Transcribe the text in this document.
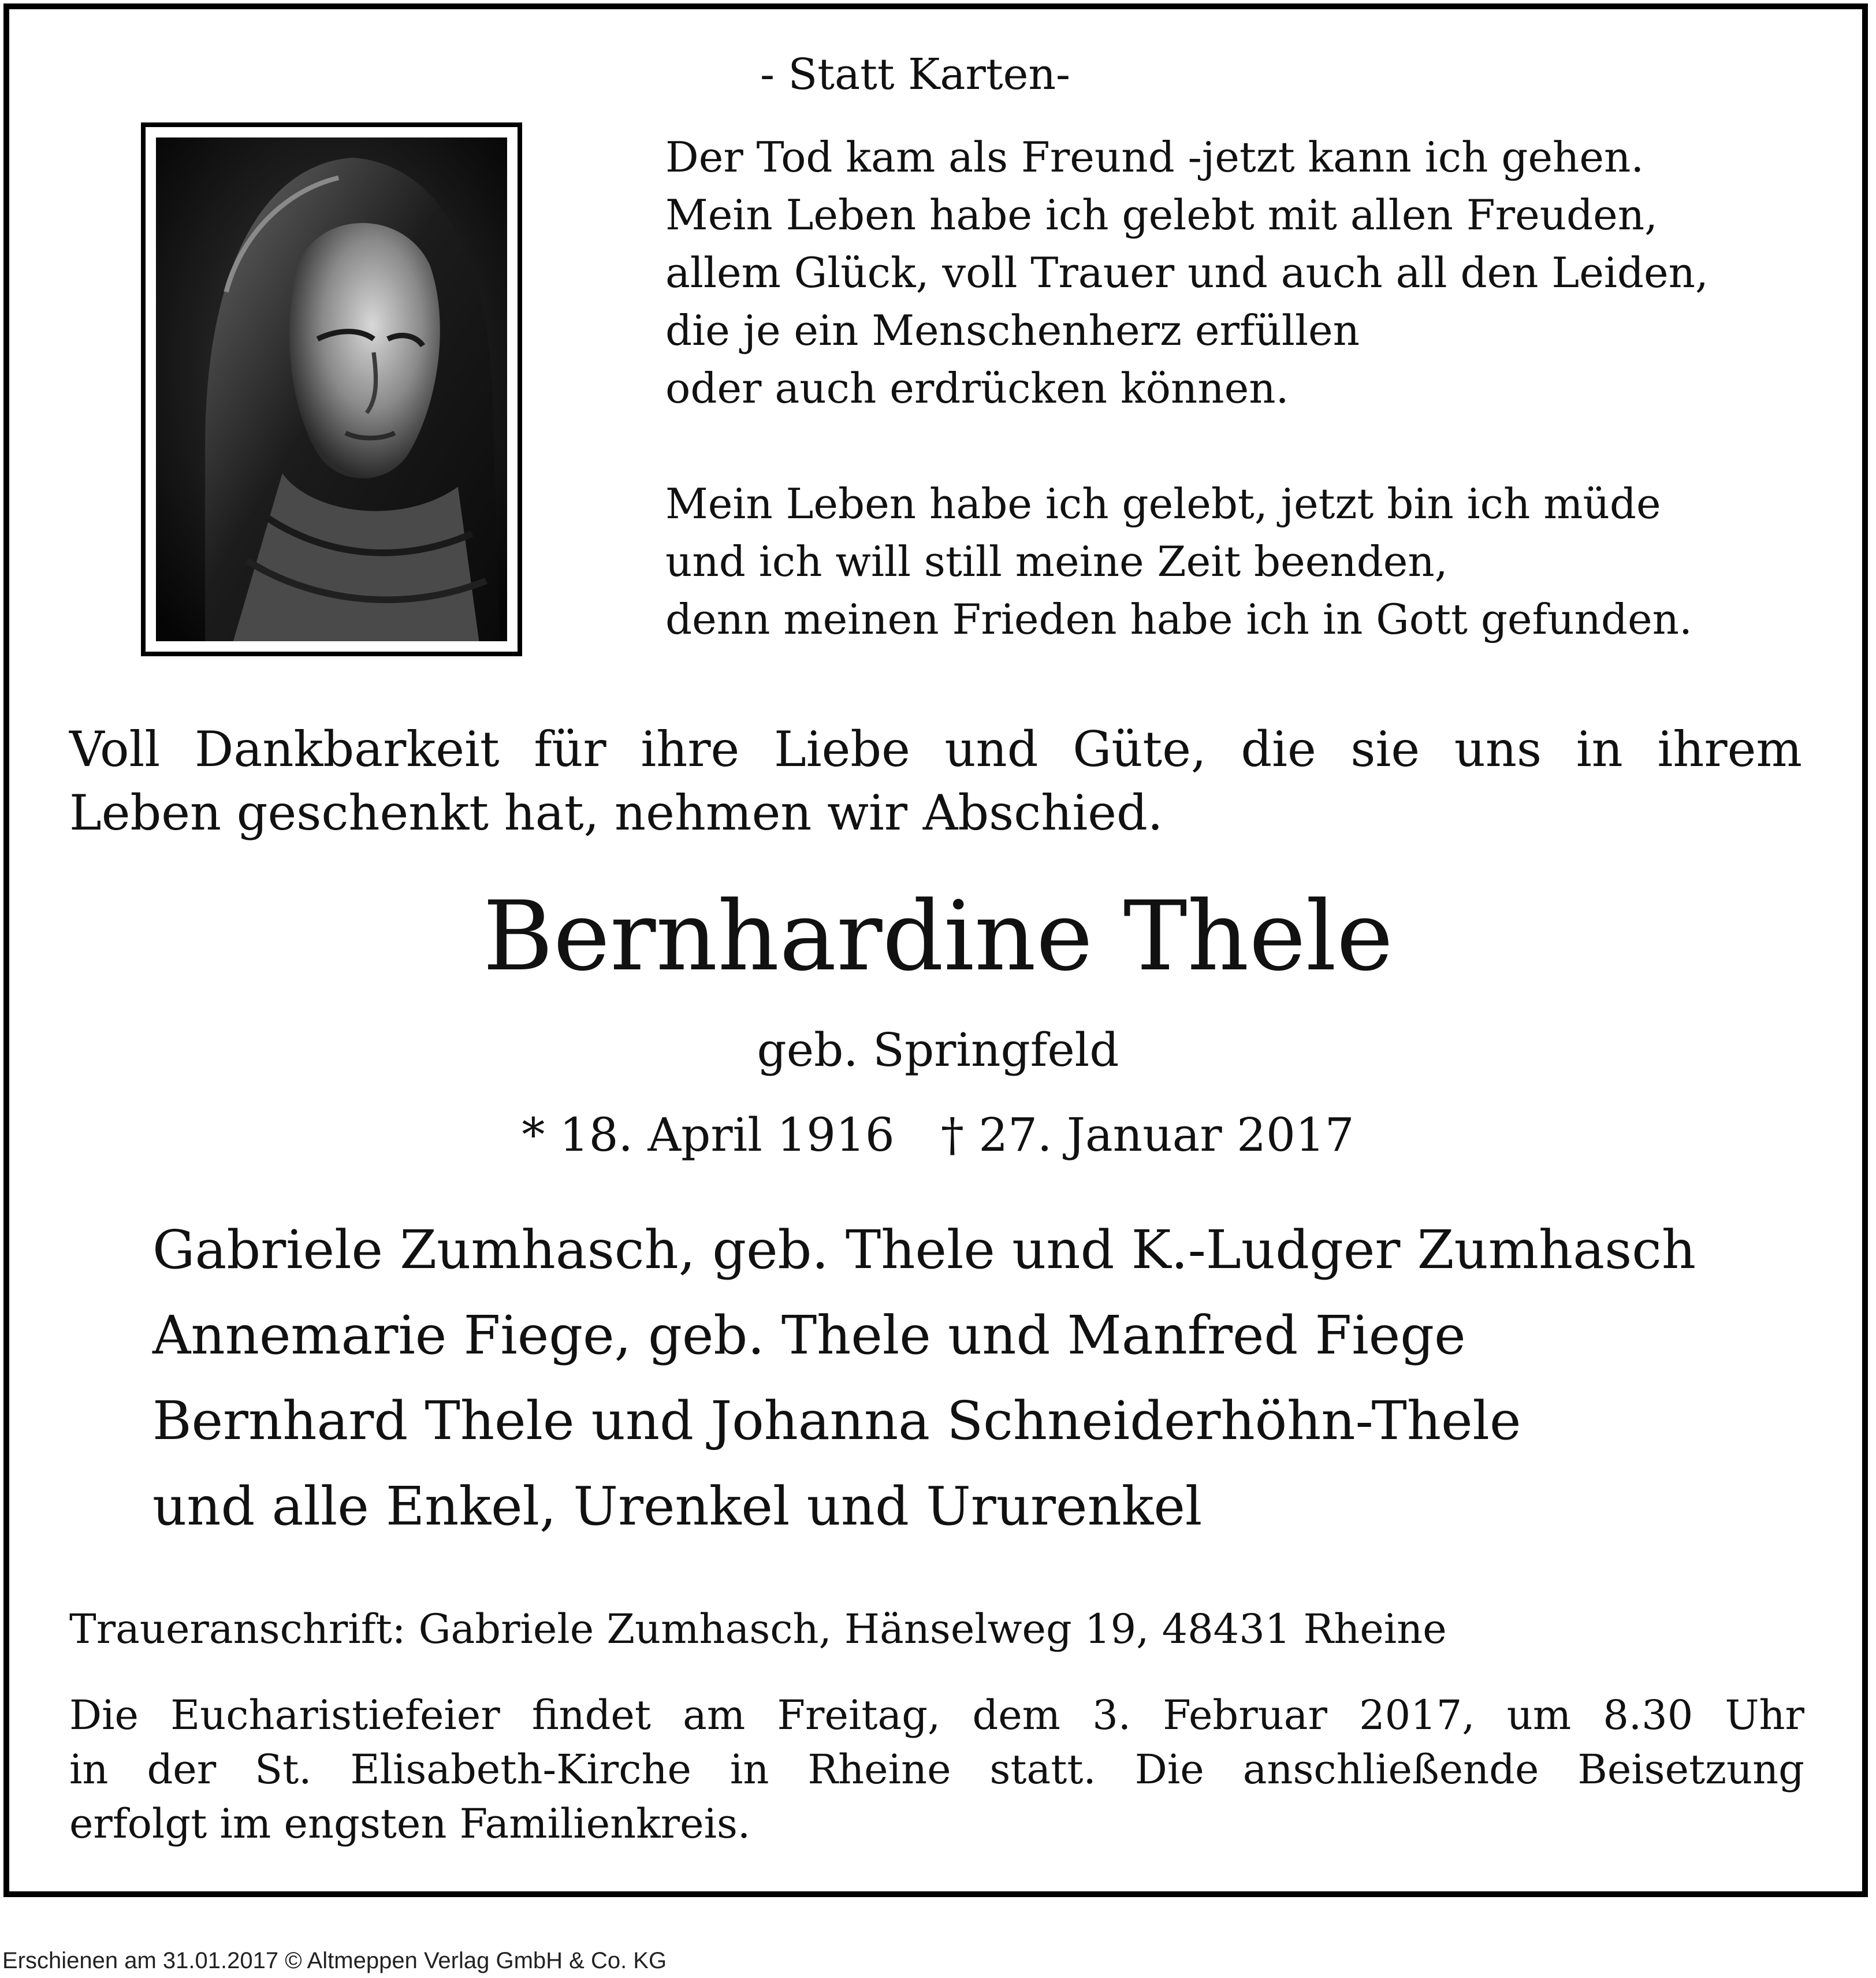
- Statt Karten-
Der Tod kam als Freund -jetzt kann ich gehen.
Mein Leben habe ich gelebt mit allen Freuden,
allem Glück, voll Trauer und auch all den Leiden,
die je ein Menschenherz erfüllen
oder auch erdrücken können.
Mein Leben habe ich gelebt, jetzt bin ich müde
und ich will still meine Zeit beenden,
denn meinen Frieden habe ich in Gott gefunden.
Voll Dankbarkeit für ihre Liebe und Güte, die sie uns in ihrem
Leben geschenkt hat, nehmen wir Abschied.
Bernhardine Thele
geb. Springfeld
* 18. April 1916 † 27. Januar 2017
Gabriele Zumhasch, geb. Thele und K.-Ludger Zumhasch
Annemarie Fiege, geb. Thele und Manfred Fiege
Bernhard Thele und Johanna Schneiderhöhn-Thele
und alle Enkel, Urenkel und Ururenkel
Traueranschrift: Gabriele Zumhasch, Hänselweg 19, 48431 Rheine
Die Eucharistiefeier findet am Freitag, dem 3. Februar 2017, um 8.30 Uhr
in der St. Elisabeth-Kirche in Rheine statt. Die anschließende Beisetzung
erfolgt im engsten Familienkreis.
Erschienen am 31.01.2017 © Altmeppen Verlag GmbH & Co. KG
